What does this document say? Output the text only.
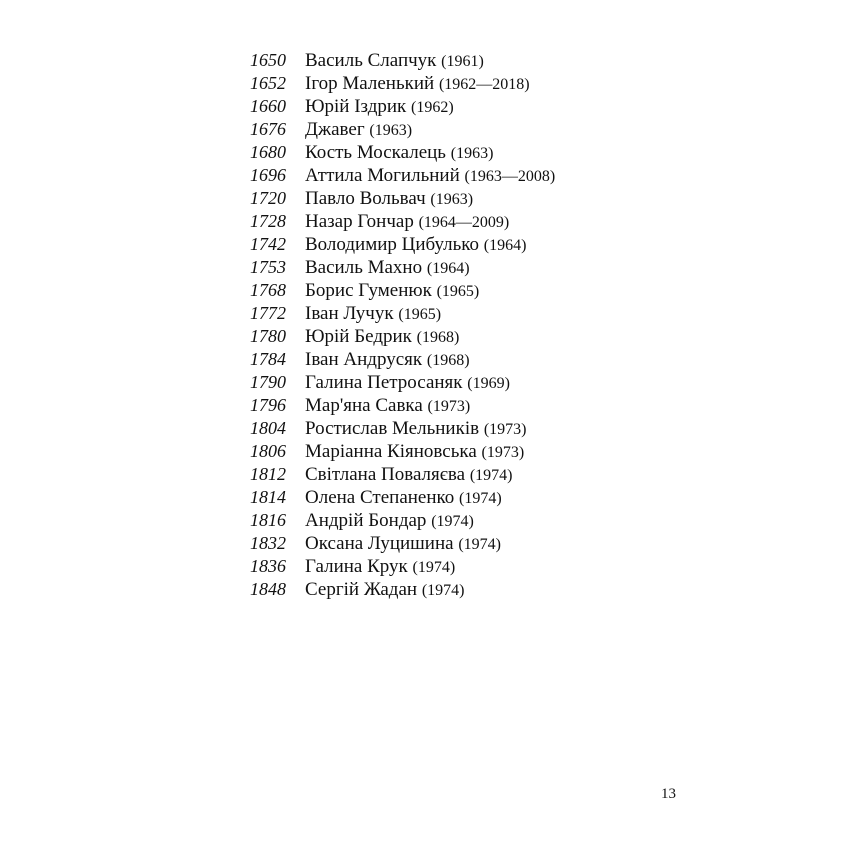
1650 Василь Слапчук (1961)
1652 Ігор Маленький (1962—2018)
1660 Юрій Іздрик (1962)
1676 Джавег (1963)
1680 Кость Москалець (1963)
1696 Аттила Могильний (1963—2008)
1720 Павло Вольвач (1963)
1728 Назар Гончар (1964—2009)
1742 Володимир Цибулько (1964)
1753 Василь Махно (1964)
1768 Борис Гуменюк (1965)
1772 Іван Лучук (1965)
1780 Юрій Бедрик (1968)
1784 Іван Андрусяк (1968)
1790 Галина Петросаняк (1969)
1796 Мар'яна Савка (1973)
1804 Ростислав Мельників (1973)
1806 Маріанна Кіяновська (1973)
1812 Світлана Поваляєва (1974)
1814 Олена Степаненко (1974)
1816 Андрій Бондар (1974)
1832 Оксана Луцишина (1974)
1836 Галина Крук (1974)
1848 Сергій Жадан (1974)
13
